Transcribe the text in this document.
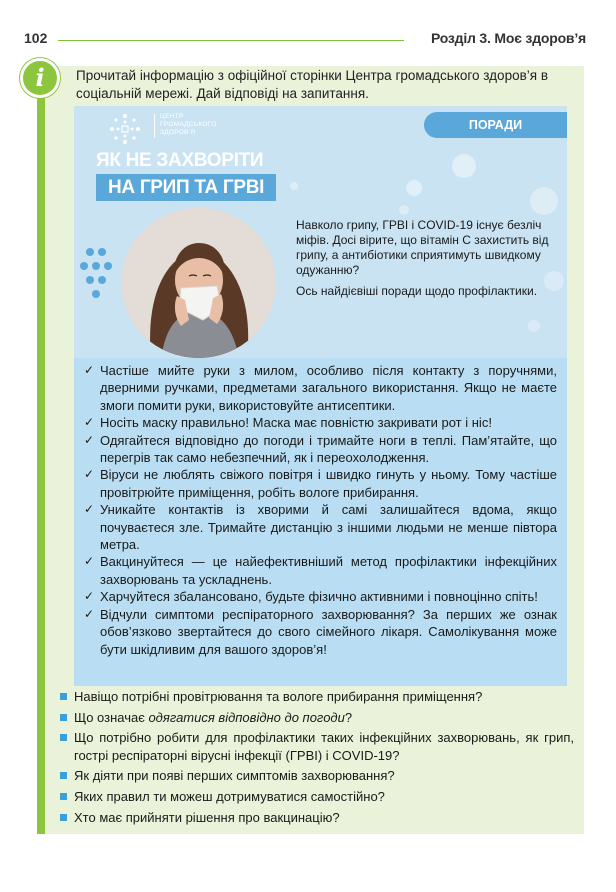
102	Розділ 3. Моє здоров’я
i	Прочитай інформацію з офіційної сторінки Центра громадського здоров’я в соціальній мережі. Дай відповіді на запитання.
ЦЕНТР ГРОМАДСЬКОГО ЗДОРОВ’Я
ПОРАДИ
ЯК НЕ ЗАХВОРІТИ
НА ГРИП ТА ГРВІ

Навколо грипу, ГРВІ і COVID-19 існує безліч міфів. Досі вірите, що вітамін С захистить від грипу, а антибіотики сприятимуть швидкому одужанню?

Ось найдієвіші поради щодо профілактики.

✓ Частіше мийте руки з милом, особливо після контакту з поручнями, дверними ручками, предметами загального використання. Якщо не маєте змоги помити руки, використовуйте антисептики.
✓ Носіть маску правильно! Маска має повністю закривати рот і ніс!
✓ Одягайтеся відповідно до погоди і тримайте ноги в теплі. Пам’ятайте, що перегрів так само небезпечний, як і переохолодження.
✓ Віруси не люблять свіжого повітря і швидко гинуть у ньому. Тому частіше провітрюйте приміщення, робіть вологе прибирання.
✓ Уникайте контактів із хворими й самі залишайтеся вдома, якщо почуваєтеся зле. Тримайте дистанцію з іншими людьми не менше півтора метра.
✓ Вакцинуйтеся — це найефективніший метод профілактики інфекційних захворювань та ускладнень.
✓ Харчуйтеся збалансовано, будьте фізично активними і повноцінно спіть!
✓ Відчули симптоми респіраторного захворювання? За перших же ознак обов’язково звертайтеся до свого сімейного лікаря. Самолікування може бути шкідливим для вашого здоров’я!
Навіщо потрібні провітрювання та вологе прибирання приміщення?
Що означає одягатися відповідно до погоди?
Що потрібно робити для профілактики таких інфекційних захворювань, як грип, гострі респіраторні вірусні інфекції (ГРВІ) і COVID-19?
Як діяти при появі перших симптомів захворювання?
Яких правил ти можеш дотримуватися самостійно?
Хто має прийняти рішення про вакцинацію?
